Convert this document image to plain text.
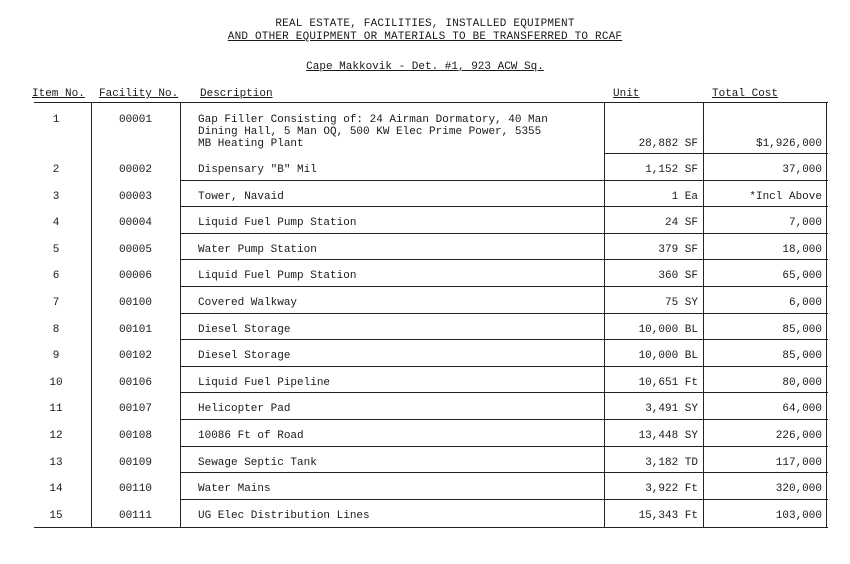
REAL ESTATE, FACILITIES, INSTALLED EQUIPMENT
AND OTHER EQUIPMENT OR MATERIALS TO BE TRANSFERRED TO RCAF
Cape Makkovik - Det. #1, 923 ACW Sq.
Item No. Facility No. Description	Unit	Total Cost
1	00001	Gap Filler Consisting of: 24 Airman Dormatory, 40 Man
Dining Hall, 5 Man OQ, 500 KW Elec Prime Power, 5355
MB Heating Plant	28,882 SF	$1,926,000
2	00002	Dispensary "B" Mil	1,152 SF	37,000
3	00003	Tower, Navaid	1 Ea	*Incl Above
4	00004	Liquid Fuel Pump Station	24 SF	7,000
5	00005	Water Pump Station	379 SF	18,000
6	00006	Liquid Fuel Pump Station	360 SF	65,000
7	00100	Covered Walkway	75 SY	6,000
8	00101	Diesel Storage	10,000 BL	85,000
9	00102	Diesel Storage	10,000 BL	85,000
10	00106	Liquid Fuel Pipeline	10,651 Ft	80,000
11	00107	Helicopter Pad	3,491 SY	64,000
12	00108	10086 Ft of Road	13,448 SY	226,000
13	00109	Sewage Septic Tank	3,182 TD	117,000
14	00110	Water Mains	3,922 Ft	320,000
15	00111	UG Elec Distribution Lines	15,343 Ft	103,000
